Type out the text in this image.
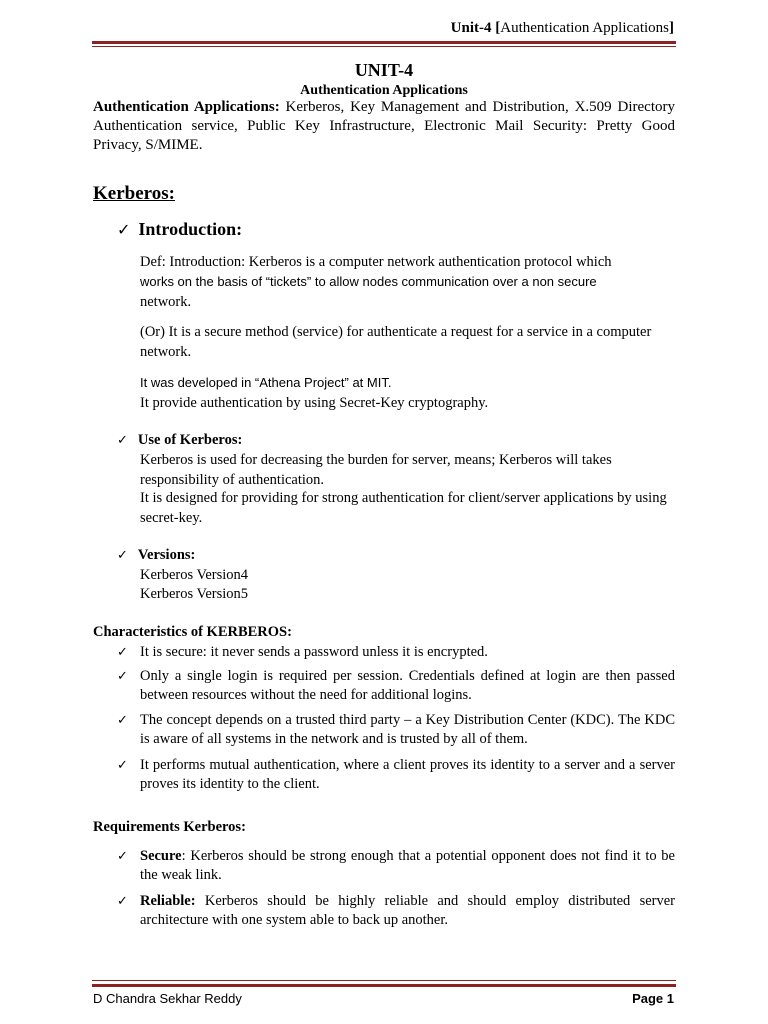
Unit-4 [Authentication Applications]
UNIT-4
Authentication Applications
Authentication Applications: Kerberos, Key Management and Distribution, X.509 Directory Authentication service, Public Key Infrastructure, Electronic Mail Security: Pretty Good Privacy, S/MIME.
Kerberos:
✓ Introduction:
Def: Introduction: Kerberos is a computer network authentication protocol which
works on the basis of “tickets” to allow nodes communication over a non secure
network.
(Or) It is a secure method (service) for authenticate a request for a service in a computer network.
It was developed in “Athena Project” at MIT.
It provide authentication by using Secret-Key cryptography.
✓ Use of Kerberos:
Kerberos is used for decreasing the burden for server, means; Kerberos will takes responsibility of authentication.
It is designed for providing for strong authentication for client/server applications by using secret-key.
✓ Versions:
Kerberos Version4
Kerberos Version5
Characteristics of KERBEROS:
✓ It is secure: it never sends a password unless it is encrypted.
✓ Only a single login is required per session. Credentials defined at login are then passed between resources without the need for additional logins.
✓ The concept depends on a trusted third party – a Key Distribution Center (KDC). The KDC is aware of all systems in the network and is trusted by all of them.
✓ It performs mutual authentication, where a client proves its identity to a server and a server proves its identity to the client.
Requirements Kerberos:
✓ Secure: Kerberos should be strong enough that a potential opponent does not find it to be the weak link.
✓ Reliable: Kerberos should be highly reliable and should employ distributed server architecture with one system able to back up another.
D Chandra Sekhar Reddy	Page 1
